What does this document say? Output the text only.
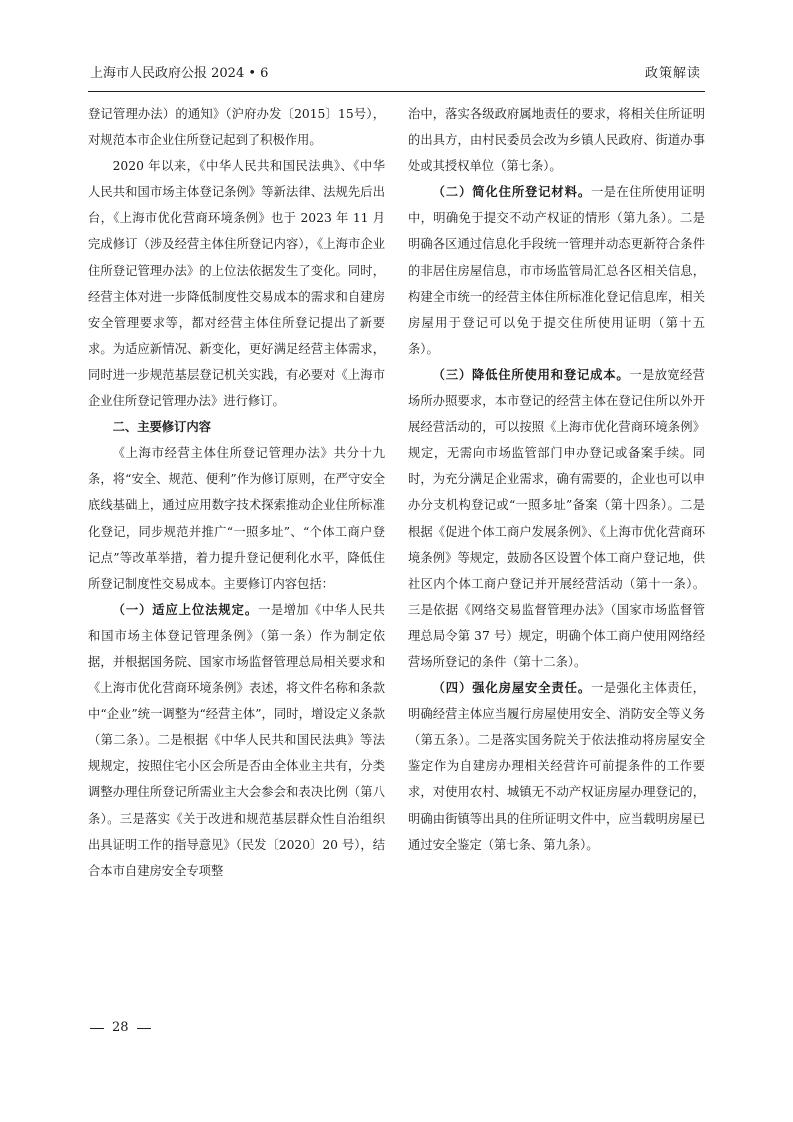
上海市人民政府公报 2024 • 6	政策解读

登记管理办法）的通知》（沪府办发〔2015〕15号），对规范本市企业住所登记起到了积极作用。

2020 年以来，《中华人民共和国民法典》、《中华人民共和国市场主体登记条例》等新法律、法规先后出台，《上海市优化营商环境条例》也于 2023 年 11 月完成修订（涉及经营主体住所登记内容），《上海市企业住所登记管理办法》的上位法依据发生了变化。同时，经营主体对进一步降低制度性交易成本的需求和自建房安全管理要求等，都对经营主体住所登记提出了新要求。为适应新情况、新变化，更好满足经营主体需求，同时进一步规范基层登记机关实践，有必要对《上海市企业住所登记管理办法》进行修订。

二、主要修订内容

《上海市经营主体住所登记管理办法》共分十九条，将“安全、规范、便利”作为修订原则，在严守安全底线基础上，通过应用数字技术探索推动企业住所标准化登记，同步规范并推广“一照多址”、“个体工商户登记点”等改革举措，着力提升登记便利化水平，降低住所登记制度性交易成本。主要修订内容包括：

（一）适应上位法规定。一是增加《中华人民共和国市场主体登记管理条例》（第一条）作为制定依据，并根据国务院、国家市场监督管理总局相关要求和《上海市优化营商环境条例》表述，将文件名称和条款中“企业”统一调整为“经营主体”，同时，增设定义条款（第二条）。二是根据《中华人民共和国民法典》等法规规定，按照住宅小区会所是否由全体业主共有，分类调整办理住所登记所需业主大会参会和表决比例（第八条）。三是落实《关于改进和规范基层群众性自治组织出具证明工作的指导意见》（民发〔2020〕20 号），结合本市自建房安全专项整

治中，落实各级政府属地责任的要求，将相关住所证明的出具方，由村民委员会改为乡镇人民政府、街道办事处或其授权单位（第七条）。

（二）简化住所登记材料。一是在住所使用证明中，明确免于提交不动产权证的情形（第九条）。二是明确各区通过信息化手段统一管理并动态更新符合条件的非居住房屋信息，市市场监管局汇总各区相关信息，构建全市统一的经营主体住所标准化登记信息库，相关房屋用于登记可以免于提交住所使用证明（第十五条）。

（三）降低住所使用和登记成本。一是放宽经营场所办照要求，本市登记的经营主体在登记住所以外开展经营活动的，可以按照《上海市优化营商环境条例》规定，无需向市场监管部门申办登记或备案手续。同时，为充分满足企业需求，确有需要的，企业也可以申办分支机构登记或“一照多址”备案（第十四条）。二是根据《促进个体工商户发展条例》、《上海市优化营商环境条例》等规定，鼓励各区设置个体工商户登记地，供社区内个体工商户登记并开展经营活动（第十一条）。三是依据《网络交易监督管理办法》（国家市场监督管理总局令第 37 号）规定，明确个体工商户使用网络经营场所登记的条件（第十二条）。

（四）强化房屋安全责任。一是强化主体责任，明确经营主体应当履行房屋使用安全、消防安全等义务（第五条）。二是落实国务院关于依法推动将房屋安全鉴定作为自建房办理相关经营许可前提条件的工作要求，对使用农村、城镇无不动产权证房屋办理登记的，明确由街镇等出具的住所证明文件中，应当载明房屋已通过安全鉴定（第七条、第九条）。

28
